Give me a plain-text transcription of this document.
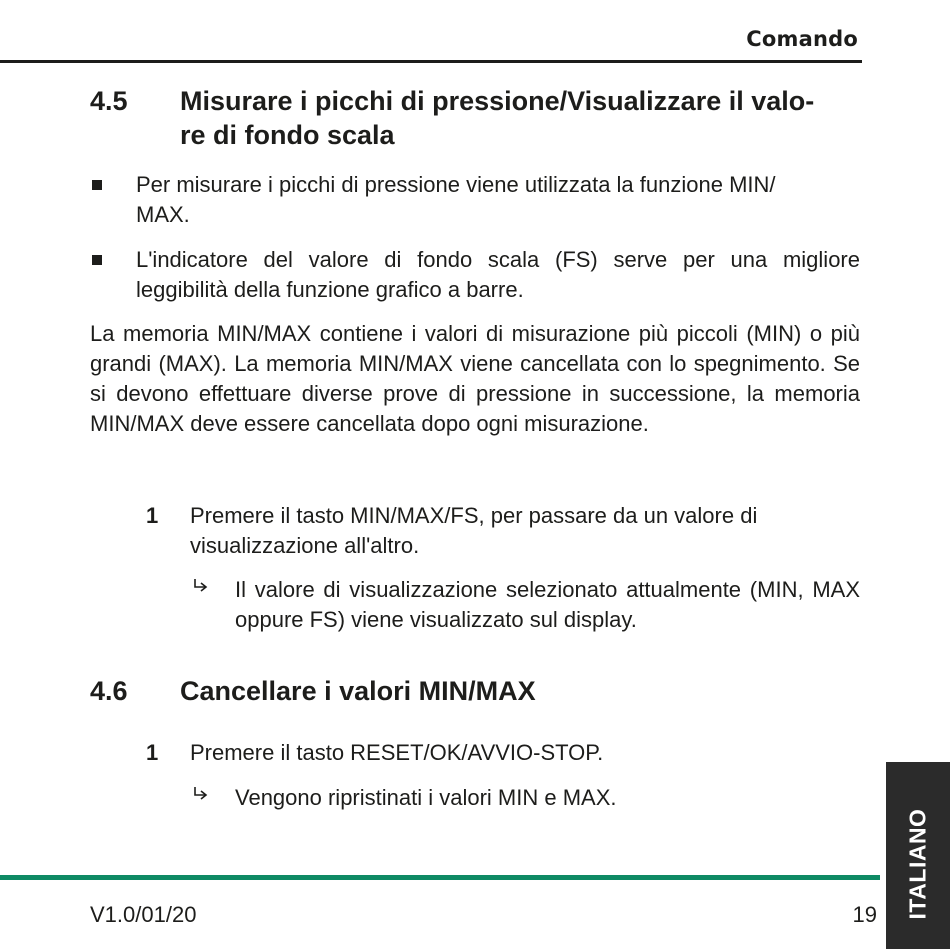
Comando
4.5 Misurare i picchi di pressione/Visualizzare il valo-
re di fondo scala
Per misurare i picchi di pressione viene utilizzata la funzione MIN/
MAX.
L'indicatore del valore di fondo scala (FS) serve per una migliore leggibilità della funzione grafico a barre.

La memoria MIN/MAX contiene i valori di misurazione più piccoli (MIN) o più grandi (MAX). La memoria MIN/MAX viene cancellata con lo spegnimento. Se si devono effettuare diverse prove di pressione in successione, la memoria MIN/MAX deve essere cancellata dopo ogni misurazione.

1 Premere il tasto MIN/MAX/FS, per passare da un valore di visualizzazione all'altro.
Il valore di visualizzazione selezionato attualmente (MIN, MAX oppure FS) viene visualizzato sul display.
4.6 Cancellare i valori MIN/MAX
1 Premere il tasto RESET/OK/AVVIO-STOP.
Vengono ripristinati i valori MIN e MAX.
V1.0/01/20	19 ITALIANO
